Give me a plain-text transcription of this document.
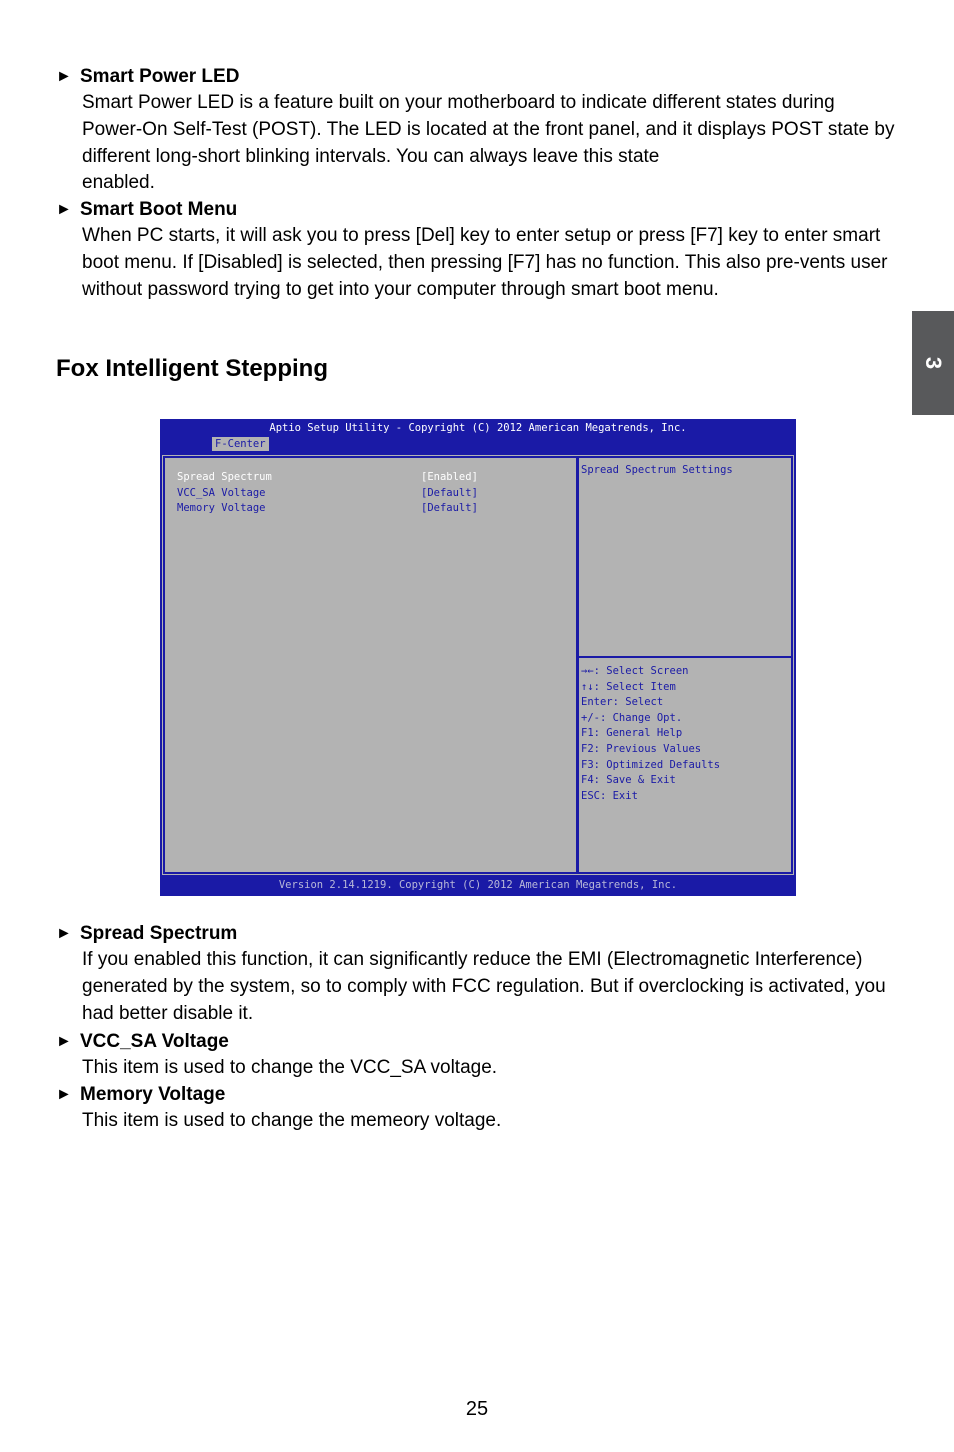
3
► Smart Power LED
Smart Power LED is a feature built on your motherboard to indicate different states during Power-On Self-Test (POST). The LED is located at the front panel, and it displays POST state by different long-short blinking intervals. You can always leave this state
enabled.
► Smart Boot Menu
When PC starts, it will ask you to press [Del] key to enter setup or press [F7] key to enter smart boot menu. If [Disabled] is selected, then pressing [F7] has no function. This also pre-vents user without password trying to get into your computer through smart boot menu.
Fox Intelligent Stepping
Aptio Setup Utility - Copyright (C) 2012 American Megatrends, Inc.
F-Center
Spread Spectrum	[Enabled]
VCC_SA Voltage	[Default]
Memory Voltage	[Default]
Spread Spectrum Settings
→←: Select Screen
↑↓: Select Item
Enter: Select
+/-: Change Opt.
F1: General Help
F2: Previous Values
F3: Optimized Defaults
F4: Save & Exit
ESC: Exit
Version 2.14.1219. Copyright (C) 2012 American Megatrends, Inc.
► Spread Spectrum
If you enabled this function, it can significantly reduce the EMI (Electromagnetic Interference) generated by the system, so to comply with FCC regulation. But if overclocking is activated, you had better disable it.
► VCC_SA Voltage
This item is used to change the VCC_SA voltage.
► Memory Voltage
This item is used to change the memeory voltage.
25
